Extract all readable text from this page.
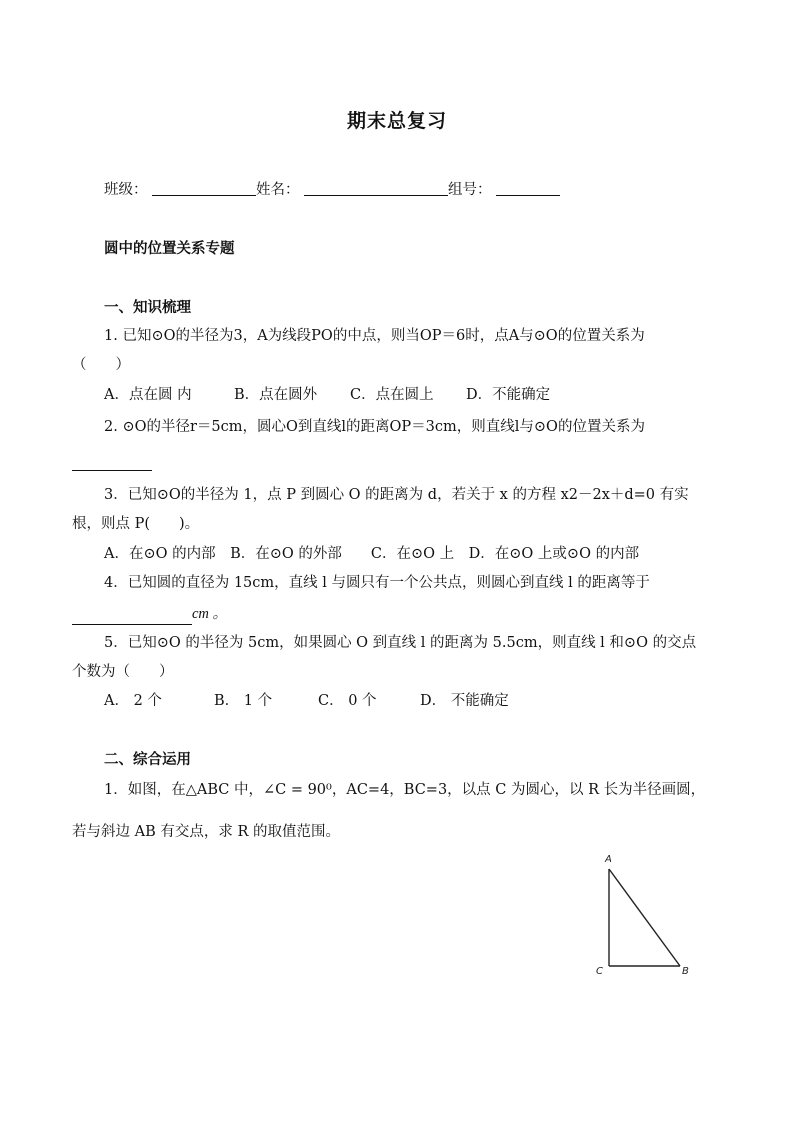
期末总复习
班级：	姓名：	组号：
圆中的位置关系专题
一、知识梳理
1. 已知⊙O的半径为3，A为线段PO的中点，则当OP＝6时，点A与⊙O的位置关系为
（　　）
A．点在圆 内	B．点在圆外 C．点在圆上 D．不能确定
2. ⊙O的半径r＝5cm，圆心O到直线l的距离OP＝3cm，则直线l与⊙O的位置关系为
3．已知⊙O的半径为 1，点 P 到圆心 O 的距离为 d，若关于 x 的方程 x2－2x＋d=0 有实
根，则点 P(　　)。
A．在⊙O 的内部　B．在⊙O 的外部　　C．在⊙O 上　D．在⊙O 上或⊙O 的内部
4．已知圆的直径为 15cm，直线 l 与圆只有一个公共点，则圆心到直线 l 的距离等于
cm 。
5．已知⊙O 的半径为 5cm，如果圆心 O 到直线 l 的距离为 5.5cm，则直线 l 和⊙O 的交点
个数为（　　）
A． 2 个	B． 1 个	C． 0 个	D． 不能确定
二、综合运用
1．如图，在△ABC 中，∠C = 90⁰，AC=4，BC=3，以点 C 为圆心，以 R 长为半径画圆，
若与斜边 AB 有交点，求 R 的取值范围。
A
B
C
